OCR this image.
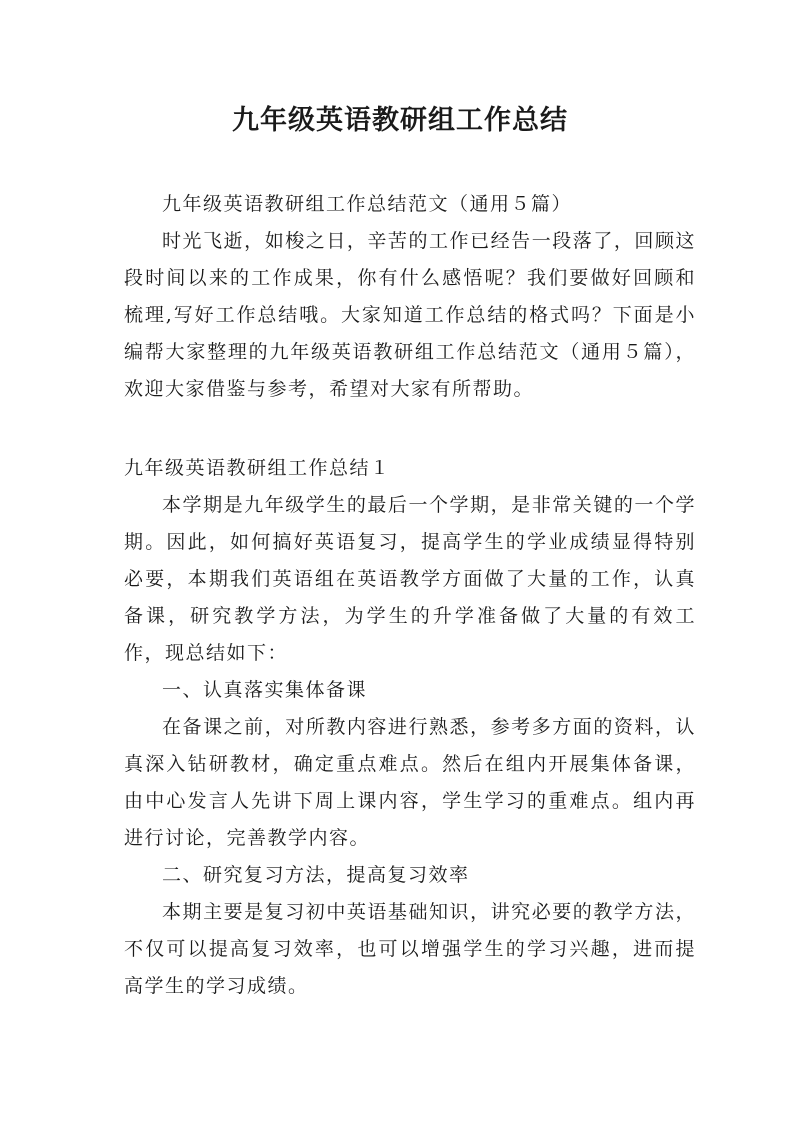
九年级英语教研组工作总结

九年级英语教研组工作总结范文（通用５篇）

时光飞逝，如梭之日，辛苦的工作已经告一段落了，回顾这段时间以来的工作成果，你有什么感悟呢？我们要做好回顾和梳理,写好工作总结哦。大家知道工作总结的格式吗？下面是小编帮大家整理的九年级英语教研组工作总结范文（通用５篇），欢迎大家借鉴与参考，希望对大家有所帮助。

九年级英语教研组工作总结１

本学期是九年级学生的最后一个学期，是非常关键的一个学期。因此，如何搞好英语复习，提高学生的学业成绩显得特别必要，本期我们英语组在英语教学方面做了大量的工作，认真备课，研究教学方法，为学生的升学准备做了大量的有效工作，现总结如下：

一、认真落实集体备课

在备课之前，对所教内容进行熟悉，参考多方面的资料，认真深入钻研教材，确定重点难点。然后在组内开展集体备课，由中心发言人先讲下周上课内容，学生学习的重难点。组内再进行讨论，完善教学内容。

二、研究复习方法，提高复习效率

本期主要是复习初中英语基础知识，讲究必要的教学方法，不仅可以提高复习效率，也可以增强学生的学习兴趣，进而提高学生的学习成绩。
